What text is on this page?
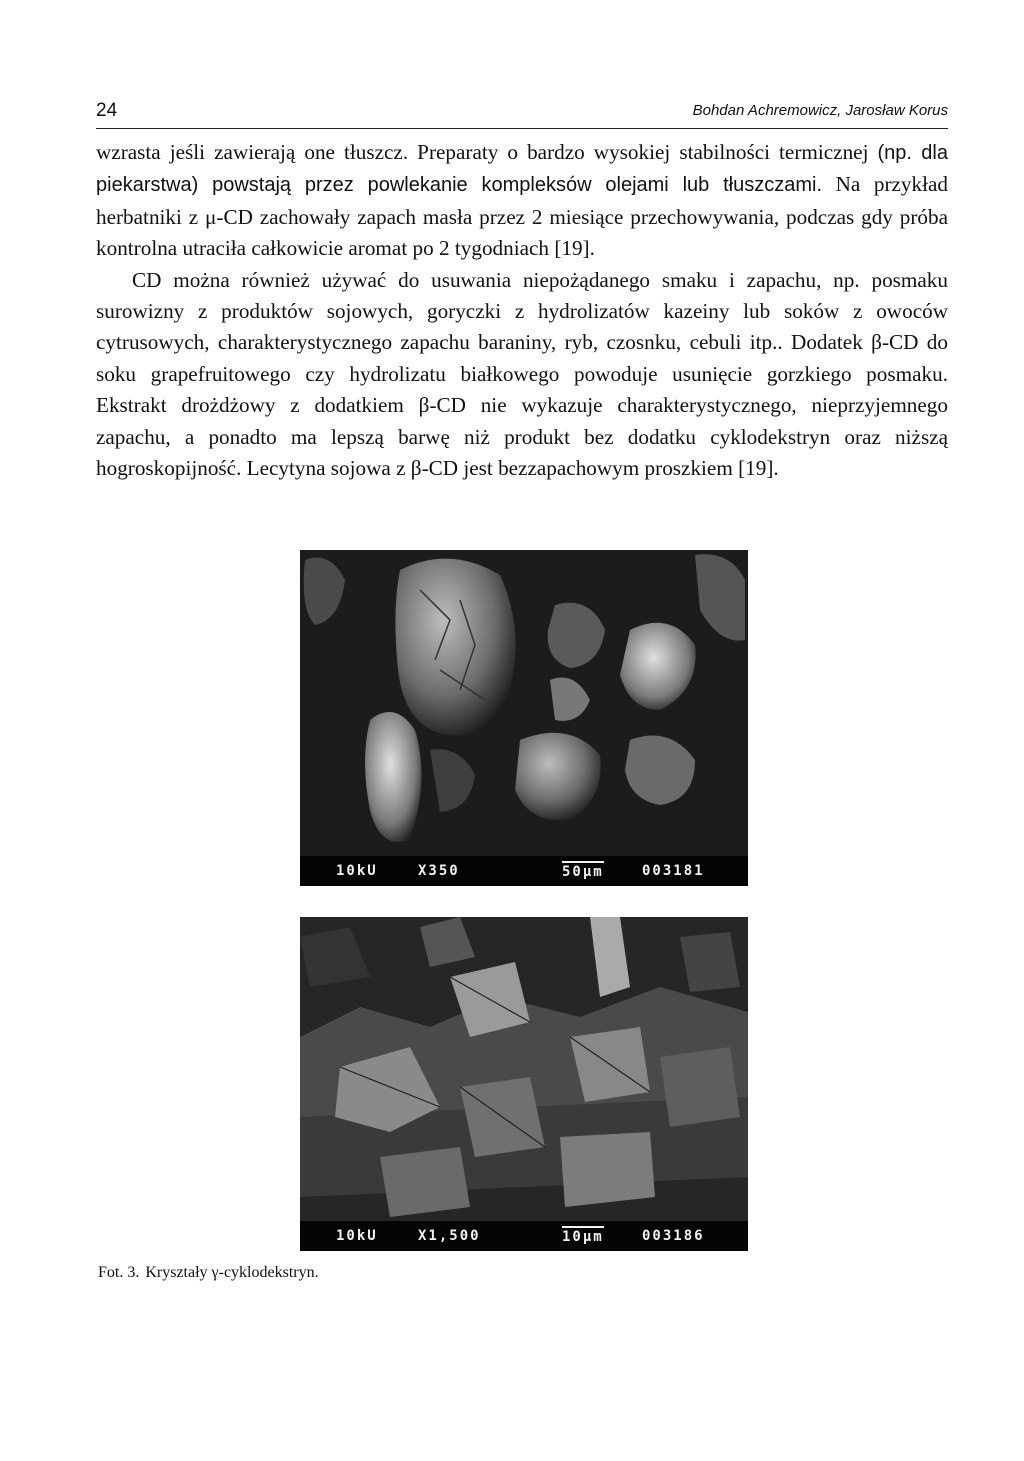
24	Bohdan Achremowicz, Jarosław Korus

wzrasta jeśli zawierają one tłuszcz. Preparaty o bardzo wysokiej stabilności termicznej (np. dla piekarstwa) powstają przez powlekanie kompleksów olejami lub tłuszczami. Na przykład herbatniki z μ-CD zachowały zapach masła przez 2 miesiące przechowywania, podczas gdy próba kontrolna utraciła całkowicie aromat po 2 tygodniach [19].

CD można również używać do usuwania niepożądanego smaku i zapachu, np. posmaku surowizny z produktów sojowych, goryczki z hydrolizatów kazeiny lub soków z owoców cytrusowych, charakterystycznego zapachu baraniny, ryb, czosnku, cebuli itp.. Dodatek β-CD do soku grapefruitowego czy hydrolizatu białkowego powoduje usunięcie gorzkiego posmaku. Ekstrakt drożdżowy z dodatkiem β-CD nie wykazuje charakterystycznego, nieprzyjemnego zapachu, a ponadto ma lepszą barwę niż produkt bez dodatku cyklodekstryn oraz niższą hogroskopijność. Lecytyna sojowa z β-CD jest bezzapachowym proszkiem [19].

10kU	X350	50μm	003181
10kU	X1,500	10μm	003186
Fot. 3. Kryształy γ-cyklodekstryn.
